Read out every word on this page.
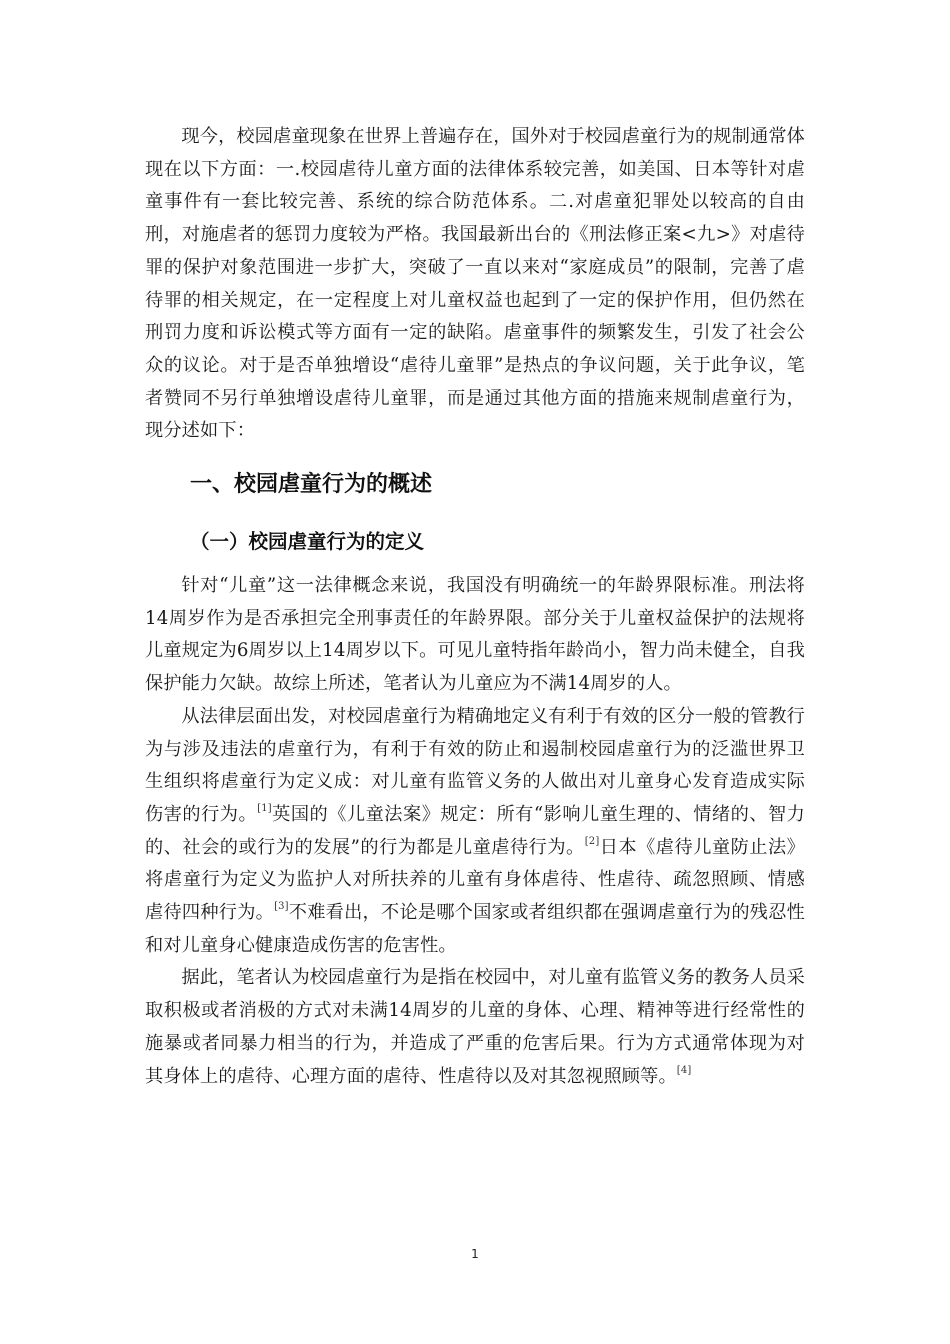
现今，校园虐童现象在世界上普遍存在，国外对于校园虐童行为的规制通常体现在以下方面：一.校园虐待儿童方面的法律体系较完善，如美国、日本等针对虐童事件有一套比较完善、系统的综合防范体系。二.对虐童犯罪处以较高的自由刑，对施虐者的惩罚力度较为严格。我国最新出台的《刑法修正案<九>》对虐待罪的保护对象范围进一步扩大，突破了一直以来对“家庭成员”的限制，完善了虐待罪的相关规定，在一定程度上对儿童权益也起到了一定的保护作用，但仍然在刑罚力度和诉讼模式等方面有一定的缺陷。虐童事件的频繁发生，引发了社会公众的议论。对于是否单独增设“虐待儿童罪”是热点的争议问题，关于此争议，笔者赞同不另行单独增设虐待儿童罪，而是通过其他方面的措施来规制虐童行为，现分述如下：

一、校园虐童行为的概述
（一）校园虐童行为的定义

针对“儿童”这一法律概念来说，我国没有明确统一的年龄界限标准。刑法将14周岁作为是否承担完全刑事责任的年龄界限。部分关于儿童权益保护的法规将儿童规定为6周岁以上14周岁以下。可见儿童特指年龄尚小，智力尚未健全，自我保护能力欠缺。故综上所述，笔者认为儿童应为不满14周岁的人。

从法律层面出发，对校园虐童行为精确地定义有利于有效的区分一般的管教行为与涉及违法的虐童行为，有利于有效的防止和遏制校园虐童行为的泛滥世界卫生组织将虐童行为定义成：对儿童有监管义务的人做出对儿童身心发育造成实际伤害的行为。[1]英国的《儿童法案》规定：所有“影响儿童生理的、情绪的、智力的、社会的或行为的发展”的行为都是儿童虐待行为。[2]日本《虐待儿童防止法》将虐童行为定义为监护人对所扶养的儿童有身体虐待、性虐待、疏忽照顾、情感虐待四种行为。[3]不难看出，不论是哪个国家或者组织都在强调虐童行为的残忍性和对儿童身心健康造成伤害的危害性。

据此，笔者认为校园虐童行为是指在校园中，对儿童有监管义务的教务人员采取积极或者消极的方式对未满14周岁的儿童的身体、心理、精神等进行经常性的施暴或者同暴力相当的行为，并造成了严重的危害后果。行为方式通常体现为对其身体上的虐待、心理方面的虐待、性虐待以及对其忽视照顾等。[4]

1
